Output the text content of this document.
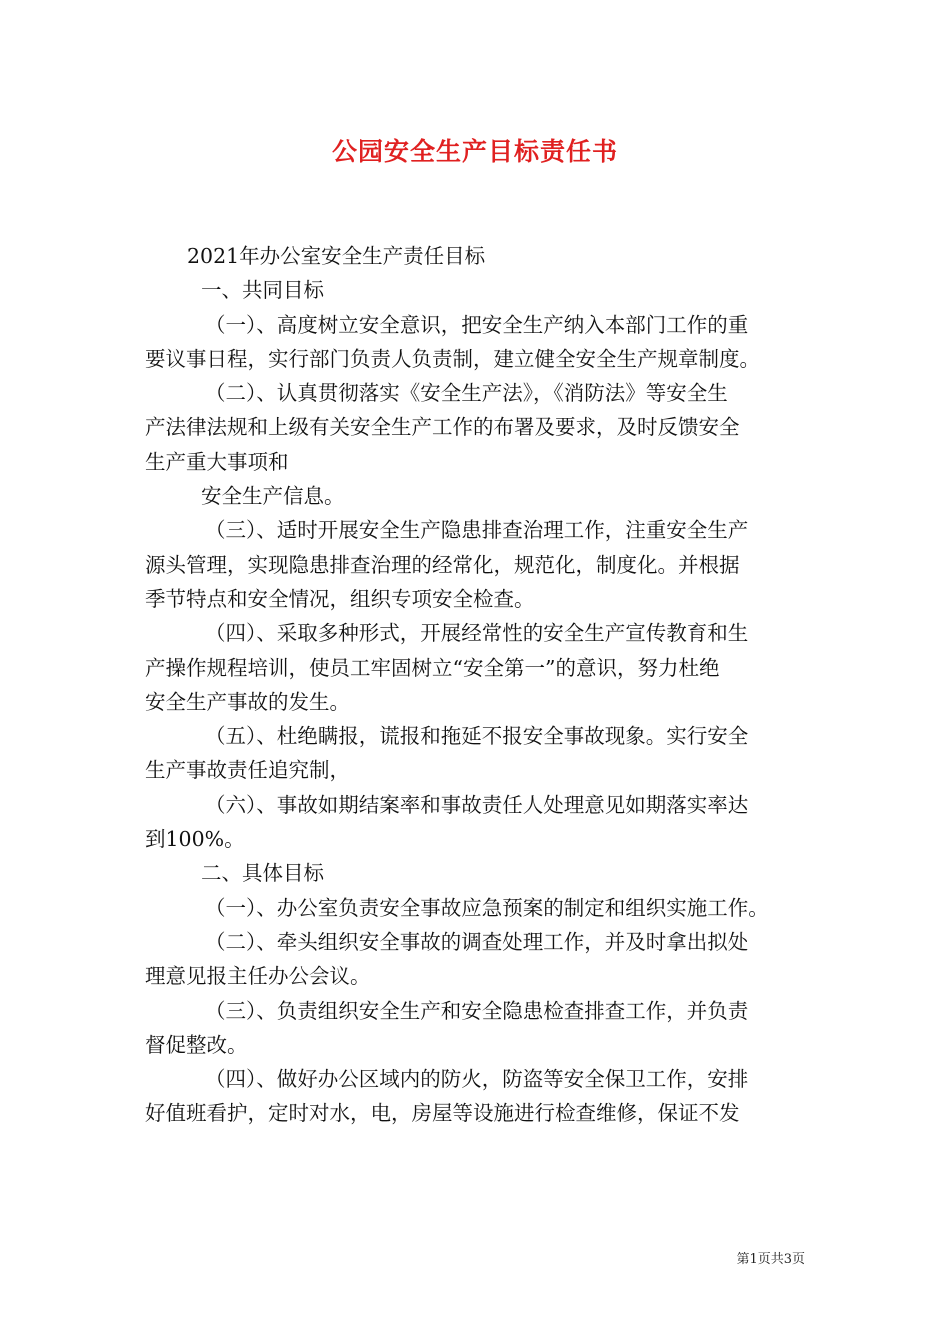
公园安全生产目标责任书

2021年办公室安全生产责任目标

一、共同目标

（一）、高度树立安全意识，把安全生产纳入本部门工作的重

要议事日程，实行部门负责人负责制，建立健全安全生产规章制度。

（二）、认真贯彻落实《安全生产法》，《消防法》等安全生

产法律法规和上级有关安全生产工作的布署及要求，及时反馈安全

生产重大事项和

安全生产信息。

（三）、适时开展安全生产隐患排查治理工作，注重安全生产

源头管理，实现隐患排查治理的经常化，规范化，制度化。并根据

季节特点和安全情况，组织专项安全检查。

（四）、采取多种形式，开展经常性的安全生产宣传教育和生

产操作规程培训，使员工牢固树立“安全第一”的意识，努力杜绝

安全生产事故的发生。

（五）、杜绝瞒报，谎报和拖延不报安全事故现象。实行安全

生产事故责任追究制，

（六）、事故如期结案率和事故责任人处理意见如期落实率达

到100%。

二、具体目标

（一）、办公室负责安全事故应急预案的制定和组织实施工作。

（二）、牵头组织安全事故的调查处理工作，并及时拿出拟处

理意见报主任办公会议。

（三）、负责组织安全生产和安全隐患检查排查工作，并负责

督促整改。

（四）、做好办公区域内的防火，防盗等安全保卫工作，安排

好值班看护，定时对水，电，房屋等设施进行检查维修，保证不发

第1页共3页
